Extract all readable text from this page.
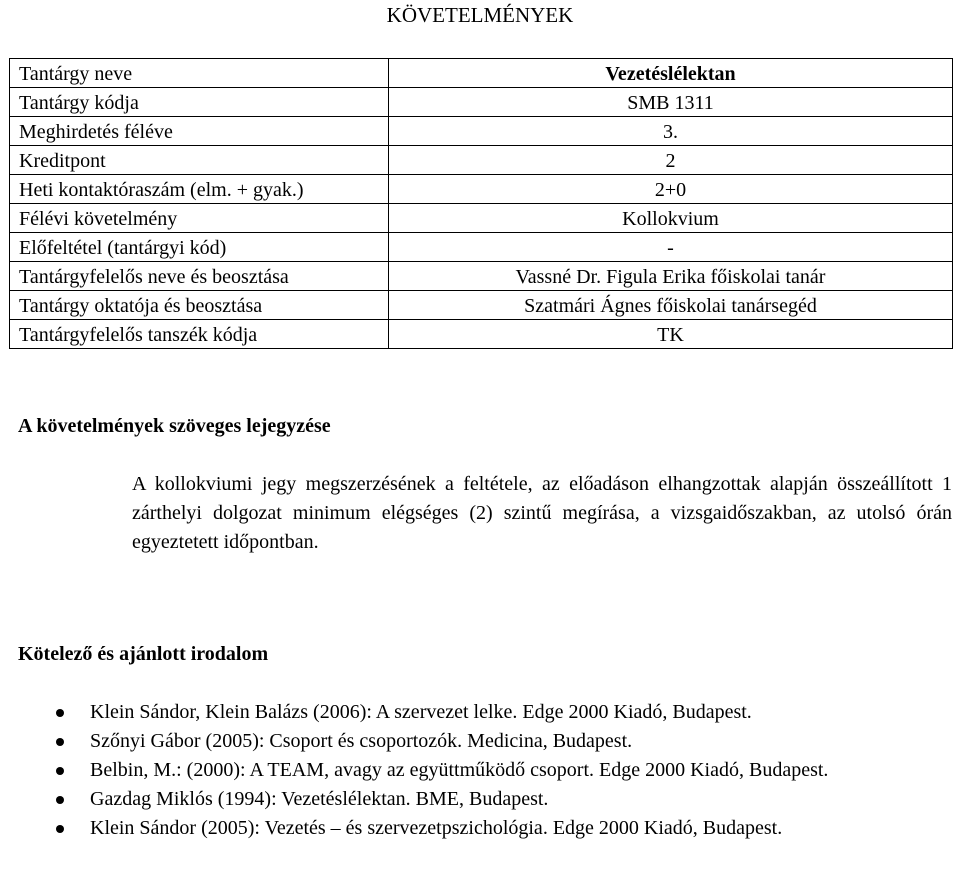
KÖVETELMÉNYEK
Tantárgy neve	Vezetéslélektan
Tantárgy kódja	SMB 1311
Meghirdetés féléve	3.
Kreditpont	2
Heti kontaktóraszám (elm. + gyak.)	2+0
Félévi követelmény	Kollokvium
Előfeltétel (tantárgyi kód)	-
Tantárgyfelelős neve és beosztása	Vassné Dr. Figula Erika főiskolai tanár
Tantárgy oktatója és beosztása	Szatmári Ágnes főiskolai tanársegéd
Tantárgyfelelős tanszék kódja	TK
A követelmények szöveges lejegyzése

A kollokviumi jegy megszerzésének a feltétele, az előadáson elhangzottak alapján összeállított 1 zárthelyi dolgozat minimum elégséges (2) szintű megírása, a vizsgaidőszakban, az utolsó órán egyeztetett időpontban.

Kötelező és ajánlott irodalom
Klein Sándor, Klein Balázs (2006): A szervezet lelke. Edge 2000 Kiadó, Budapest.
Szőnyi Gábor (2005): Csoport és csoportozók. Medicina, Budapest.
Belbin, M.: (2000): A TEAM, avagy az együttműködő csoport. Edge 2000 Kiadó, Budapest.
Gazdag Miklós (1994): Vezetéslélektan. BME, Budapest.
Klein Sándor (2005): Vezetés – és szervezetpszichológia. Edge 2000 Kiadó, Budapest.
